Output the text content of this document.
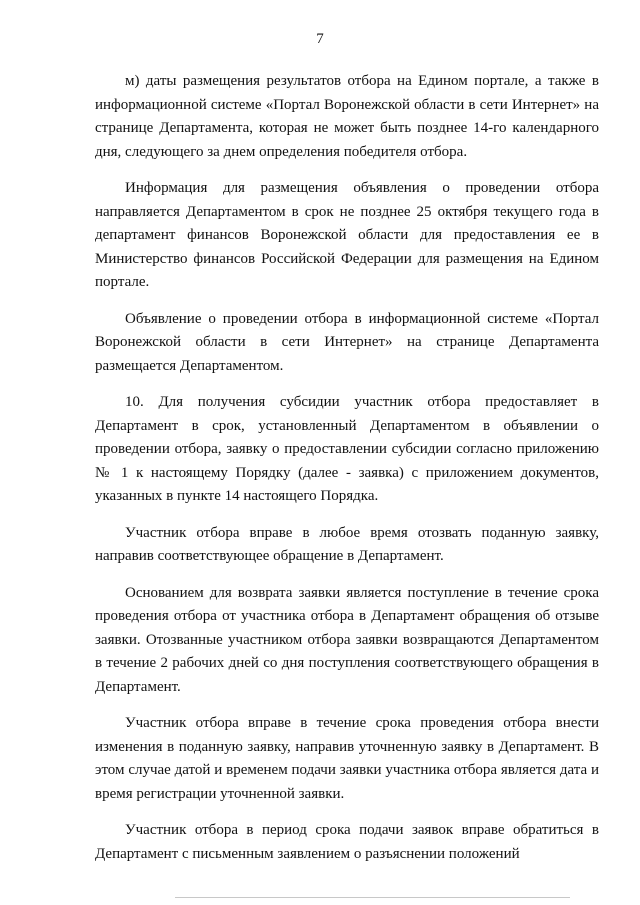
7

м) даты размещения результатов отбора на Едином портале, а также в информационной системе «Портал Воронежской области в сети Интернет» на странице Департамента, которая не может быть позднее 14-го календарного дня, следующего за днем определения победителя отбора.

Информация для размещения объявления о проведении отбора направляется Департаментом в срок не позднее 25 октября текущего года в департамент финансов Воронежской области для предоставления ее в Министерство финансов Российской Федерации для размещения на Едином портале.

Объявление о проведении отбора в информационной системе «Портал Воронежской области в сети Интернет» на странице Департамента размещается Департаментом.

10. Для получения субсидии участник отбора предоставляет в Департамент в срок, установленный Департаментом в объявлении о проведении отбора, заявку о предоставлении субсидии согласно приложению № 1 к настоящему Порядку (далее - заявка) с приложением документов, указанных в пункте 14 настоящего Порядка.

Участник отбора вправе в любое время отозвать поданную заявку, направив соответствующее обращение в Департамент.

Основанием для возврата заявки является поступление в течение срока проведения отбора от участника отбора в Департамент обращения об отзыве заявки. Отозванные участником отбора заявки возвращаются Департаментом в течение 2 рабочих дней со дня поступления соответствующего обращения в Департамент.

Участник отбора вправе в течение срока проведения отбора внести изменения в поданную заявку, направив уточненную заявку в Департамент. В этом случае датой и временем подачи заявки участника отбора является дата и время регистрации уточненной заявки.

Участник отбора в период срока подачи заявок вправе обратиться в Департамент с письменным заявлением о разъяснении положений
